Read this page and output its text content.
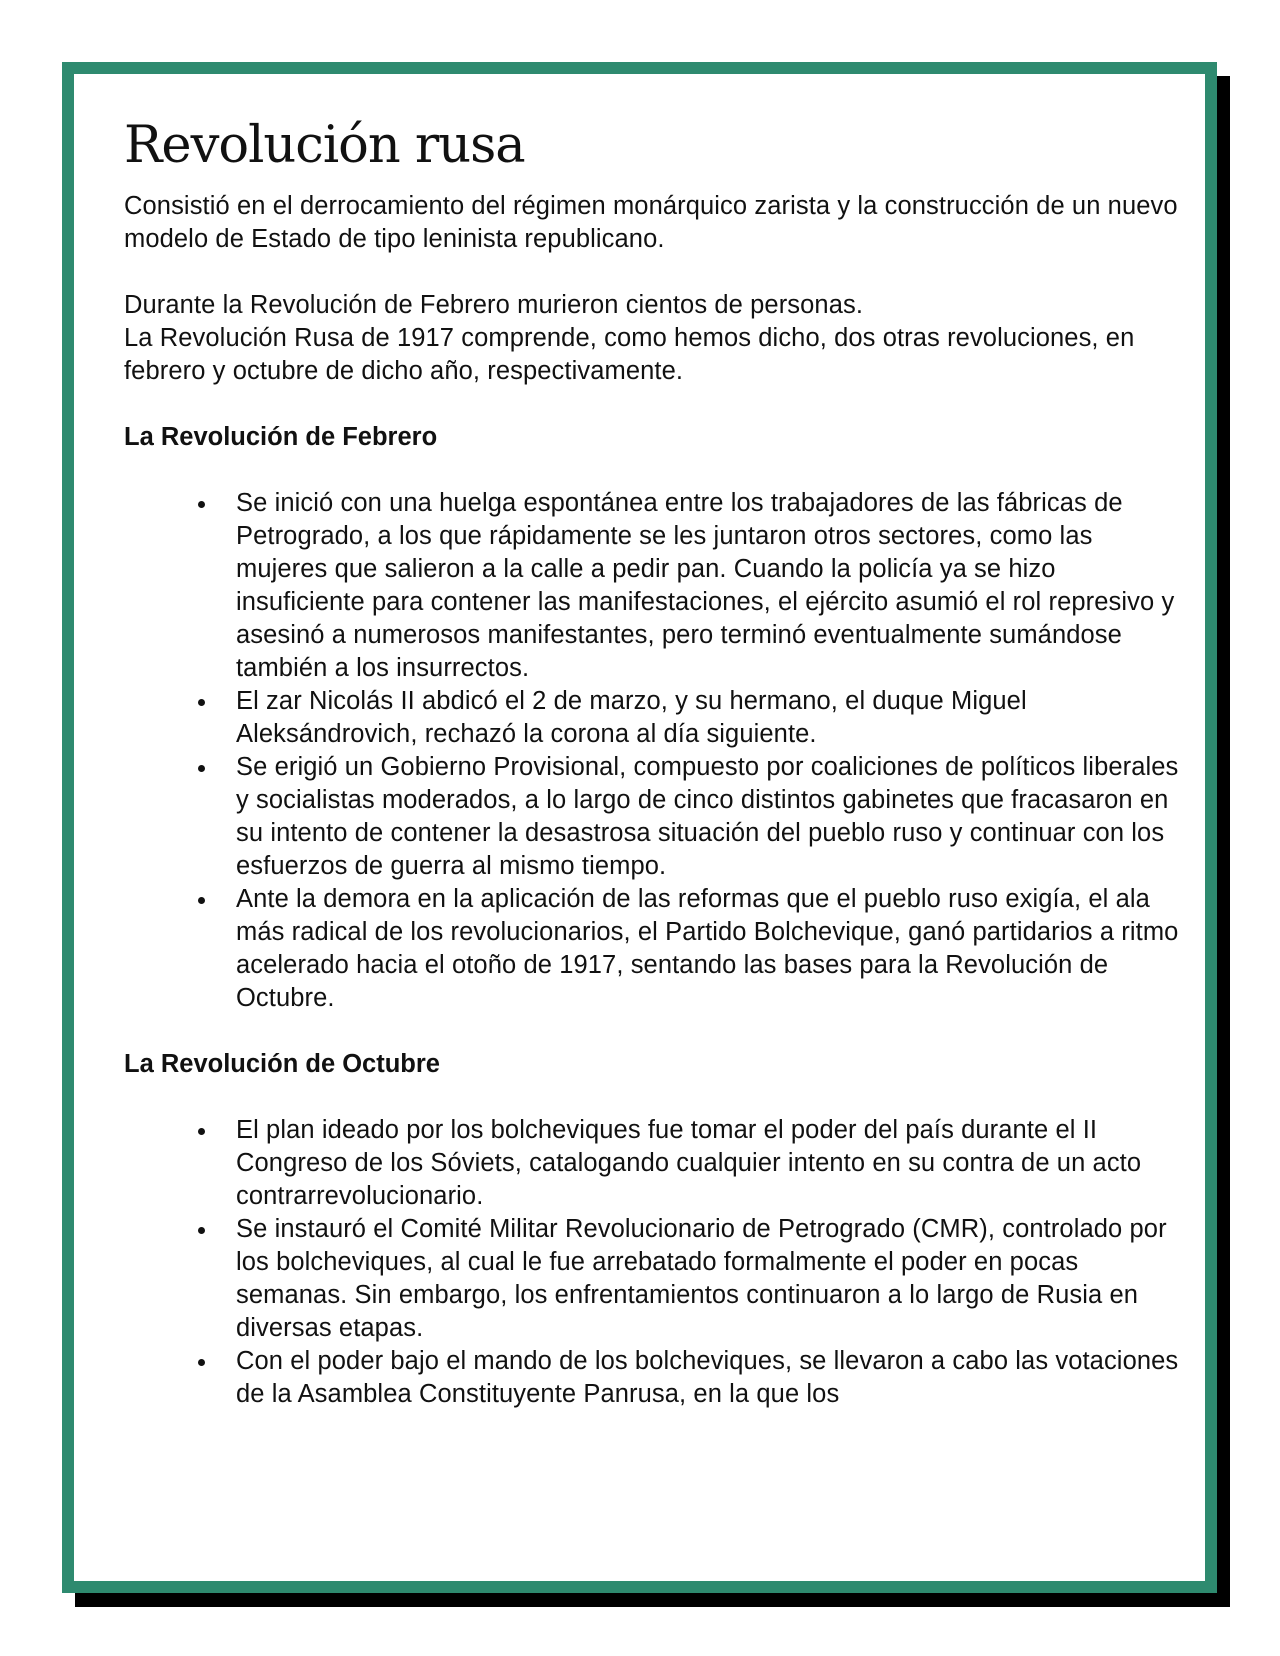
Revolución rusa

Consistió en el derrocamiento del régimen monárquico zarista y la construcción de un nuevo modelo de Estado de tipo leninista republicano.

Durante la Revolución de Febrero murieron cientos de personas.

La Revolución Rusa de 1917 comprende, como hemos dicho, dos otras revoluciones, en febrero y octubre de dicho año, respectivamente.

La Revolución de Febrero
Se inició con una huelga espontánea entre los trabajadores de las fábricas de Petrogrado, a los que rápidamente se les juntaron otros sectores, como las mujeres que salieron a la calle a pedir pan. Cuando la policía ya se hizo insuficiente para contener las manifestaciones, el ejército asumió el rol represivo y asesinó a numerosos manifestantes, pero terminó eventualmente sumándose también a los insurrectos.
El zar Nicolás II abdicó el 2 de marzo, y su hermano, el duque Miguel Aleksándrovich, rechazó la corona al día siguiente.
Se erigió un Gobierno Provisional, compuesto por coaliciones de políticos liberales y socialistas moderados, a lo largo de cinco distintos gabinetes que fracasaron en su intento de contener la desastrosa situación del pueblo ruso y continuar con los esfuerzos de guerra al mismo tiempo.
Ante la demora en la aplicación de las reformas que el pueblo ruso exigía, el ala más radical de los revolucionarios, el Partido Bolchevique, ganó partidarios a ritmo acelerado hacia el otoño de 1917, sentando las bases para la Revolución de Octubre.
La Revolución de Octubre
El plan ideado por los bolcheviques fue tomar el poder del país durante el II Congreso de los Sóviets, catalogando cualquier intento en su contra de un acto contrarrevolucionario.
Se instauró el Comité Militar Revolucionario de Petrogrado (CMR), controlado por los bolcheviques, al cual le fue arrebatado formalmente el poder en pocas semanas. Sin embargo, los enfrentamientos continuaron a lo largo de Rusia en diversas etapas.
Con el poder bajo el mando de los bolcheviques, se llevaron a cabo las votaciones de la Asamblea Constituyente Panrusa, en la que los
